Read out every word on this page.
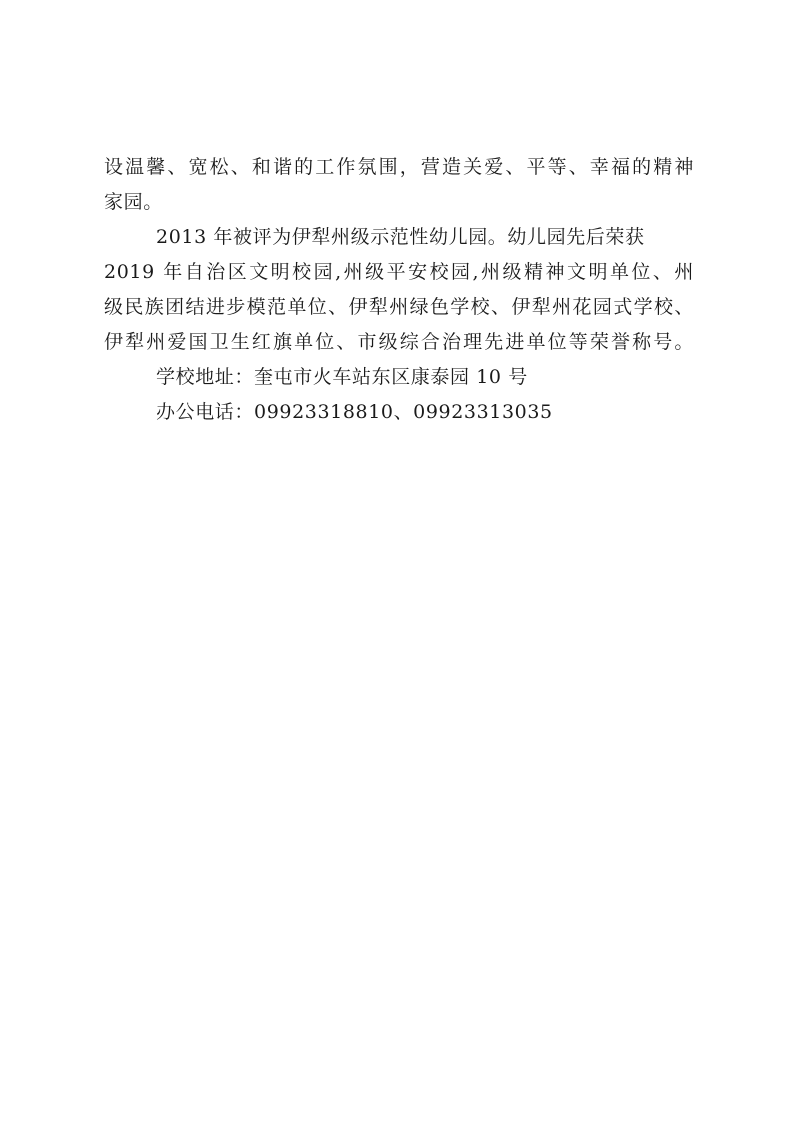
设温馨、宽松、和谐的工作氛围，营造关爱、平等、幸福的精神
家园。
2013 年被评为伊犁州级示范性幼儿园。幼儿园先后荣获
2019 年自治区文明校园,州级平安校园,州级精神文明单位、州
级民族团结进步模范单位、伊犁州绿色学校、伊犁州花园式学校、
伊犁州爱国卫生红旗单位、市级综合治理先进单位等荣誉称号。
学校地址：奎屯市火车站东区康泰园 10 号
办公电话：09923318810、09923313035
